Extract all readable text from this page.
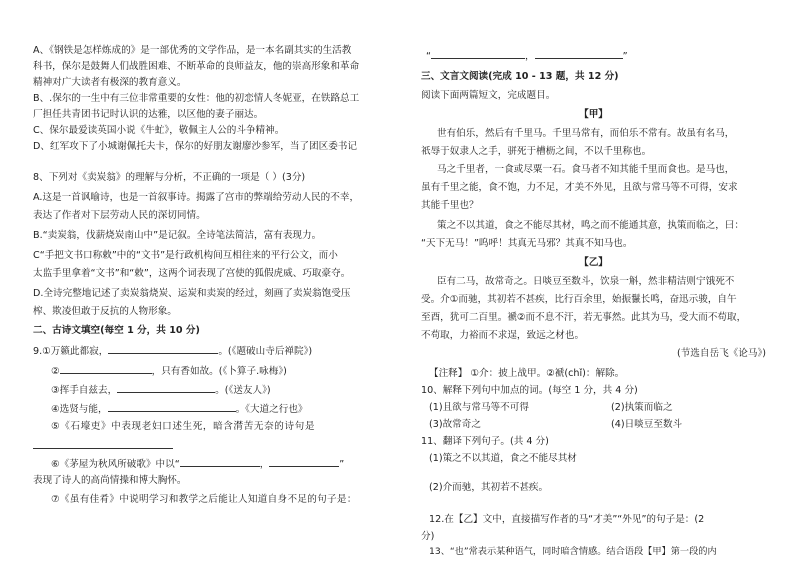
A、《钢铁是怎样炼成的》是一部优秀的文学作品，是一本名副其实的生活教
科书，保尔是鼓舞人们战胜困难、不断革命的良师益友，他的崇高形象和革命
精神对广大读者有极深的教育意义。
B、.保尔的一生中有三位非常重要的女性：他的初恋情人冬妮亚，在铁路总工
厂担任共青团书记时认识的达雅，以区他的妻子丽达。
C、保尔最爱读英国小说《牛虻》，敬佩主人公的斗争精神。
D、红军攻下了小城谢佩托夫卡，保尔的好朋友谢廖沙参军，当了团区委书记
8、下列对《卖炭翁》的理解与分析，不正确的一项是（ ）(3分)
A.这是一首讽喻诗，也是一首叙事诗。揭露了宫市的弊端给劳动人民的不幸，
表达了作者对下层劳动人民的深切同情。
B.“卖炭翁，伐薪烧炭南山中”是记叙。全诗笔法简洁，富有表现力。
C“手把文书口称敕”中的“文书”是行政机构间互相往来的平行公文，而小
太监手里拿着“文书”和“敕”，这两个词表现了宫使的狐假虎威、巧取豪夺。
D.全诗完整地记述了卖炭翁烧炭、运炭和卖炭的经过，刻画了卖炭翁饱受压
榨、欺凌但敢于反抗的人物形象。
二、古诗文填空(每空 1 分，共 10 分)
9.①万籁此都寂，	。(《题破山寺后禅院》)
②	，只有香如故。(《卜算子.咏梅》)
③挥手自兹去，	。(《送友人》)
④选贤与能，	。《大道之行也》
⑤《石壕吏》中表现老妇口述生死，暗含潸苦无奈的诗句是
⑥《茅屋为秋风所破歌》中以“	，	”
表现了诗人的高尚情操和博大胸怀。
⑦《虽有佳肴》中说明学习和教学之后能让人知道自身不足的句子是：
“	，	”
三、文言文阅读(完成 10 - 13 题，共 12 分)
阅读下面两篇短文，完成题目。
【甲】
世有伯乐，然后有千里马。千里马常有，而伯乐不常有。故虽有名马，
祇辱于奴隶人之手，骈死于槽枥之间，不以千里称也。
马之千里者，一食或尽粟一石。食马者不知其能千里而食也。是马也，
虽有千里之能，食不饱，力不足，才美不外见，且欲与常马等不可得，安求
其能千里也？
策之不以其道，食之不能尽其材，鸣之而不能通其意，执策而临之，曰：
“天下无马！”呜呼！其真无马邪？其真不知马也。
【乙】
臣有二马，故常奇之。日啖豆至数斗，饮泉一斛，然非精洁则宁饿死不
受。介①而驰，其初若不甚疾，比行百余里，始振鬣长鸣，奋迅示骏，自午
至酉，犹可二百里。褫②而不息不汗，若无事然。此其为马，受大而不苟取，
不苟取，力裕而不求逞，致远之材也。
(节选自岳飞《论马》)
【注释】 ①介：披上战甲。②褫(chǐ)：解除。
10、解释下列句中加点的词。(每空 1 分，共 4 分)
(1)且欲与常马等不可得	(2)执策而临之
(3)故常奇之	(4)日啖豆至数斗
11、翻译下列句子。(共 4 分)
(1)策之不以其道，食之不能尽其材
(2)介而驰，其初若不甚疾。
12.在【乙】文中，直接描写作者的马“才美”“外见”的句子是：(2
分)
13、“也”常表示某种语气，同时暗含情感。结合语段【甲】第一段的内
